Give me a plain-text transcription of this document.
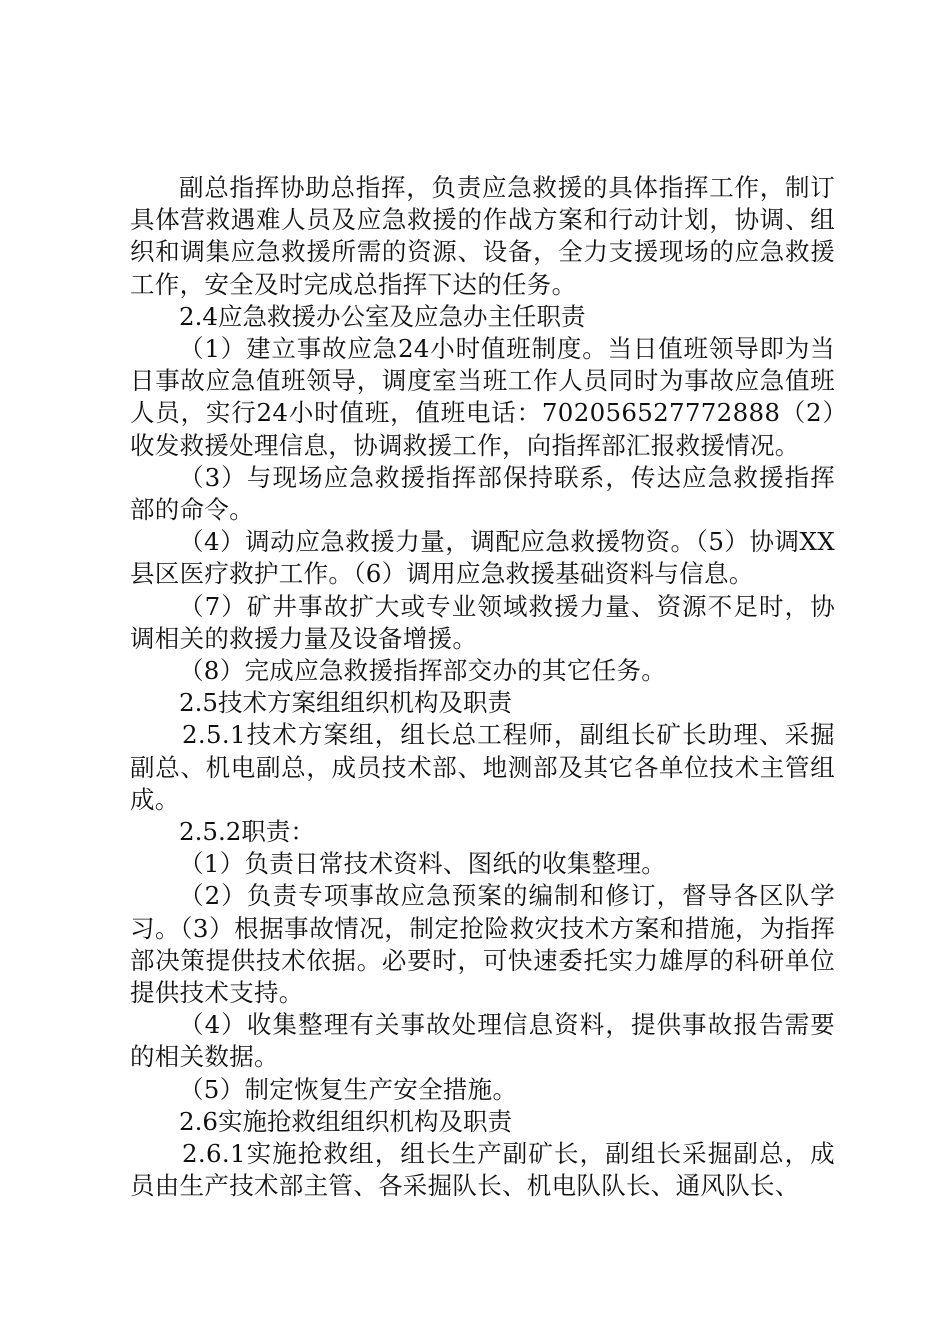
副总指挥协助总指挥，负责应急救援的具体指挥工作，制订具体营救遇难人员及应急救援的作战方案和行动计划，协调、组织和调集应急救援所需的资源、设备，全力支援现场的应急救援工作，安全及时完成总指挥下达的任务。

2.4应急救援办公室及应急办主任职责

（1）建立事故应急24小时值班制度。当日值班领导即为当日事故应急值班领导，调度室当班工作人员同时为事故应急值班人员，实行24小时值班，值班电话：70205652777288​8（2）收发救援处理信息，协调救援工作，向指挥部汇报救援情况。

（3）与现场应急救援指挥部保持联系，传达应急救援指挥部的命令。

（4）调动应急救援力量，调配应急救援物资。（5）协调XX县区医疗救护工作。（6）调用应急救援基础资料与信息。

（7）矿井事故扩大或专业领域救援力量、资源不足时，协调相关的救援力量及设备增援。

（8）完成应急救援指挥部交办的其它任务。

2.5技术方案组组织机构及职责

2.5.1技术方案组，组长总工程师，副组长矿长助理、采掘副总、机电副总，成员技术部、地测部及其它各单位技术主管组成。

2.5.2职责：

（1）负责日常技术资料、图纸的收集整理。

（2）负责专项事故应急预案的编制和修订，督导各区队学习。（3）根据事故情况，制定抢险救灾技术方案和措施，为指挥部决策提供技术依据。必要时，可快速委托实力雄厚的科研单位提供技术支持。

（4）收集整理有关事故处理信息资料，提供事故报告需要的相关数据。

（5）制定恢复生产安全措施。

2.6实施抢救组组织机构及职责

2.6.1实施抢救组，组长生产副矿长，副组长采掘副总，成员由生产技术部主管、各采掘队长、机电队队长、通风队长、
